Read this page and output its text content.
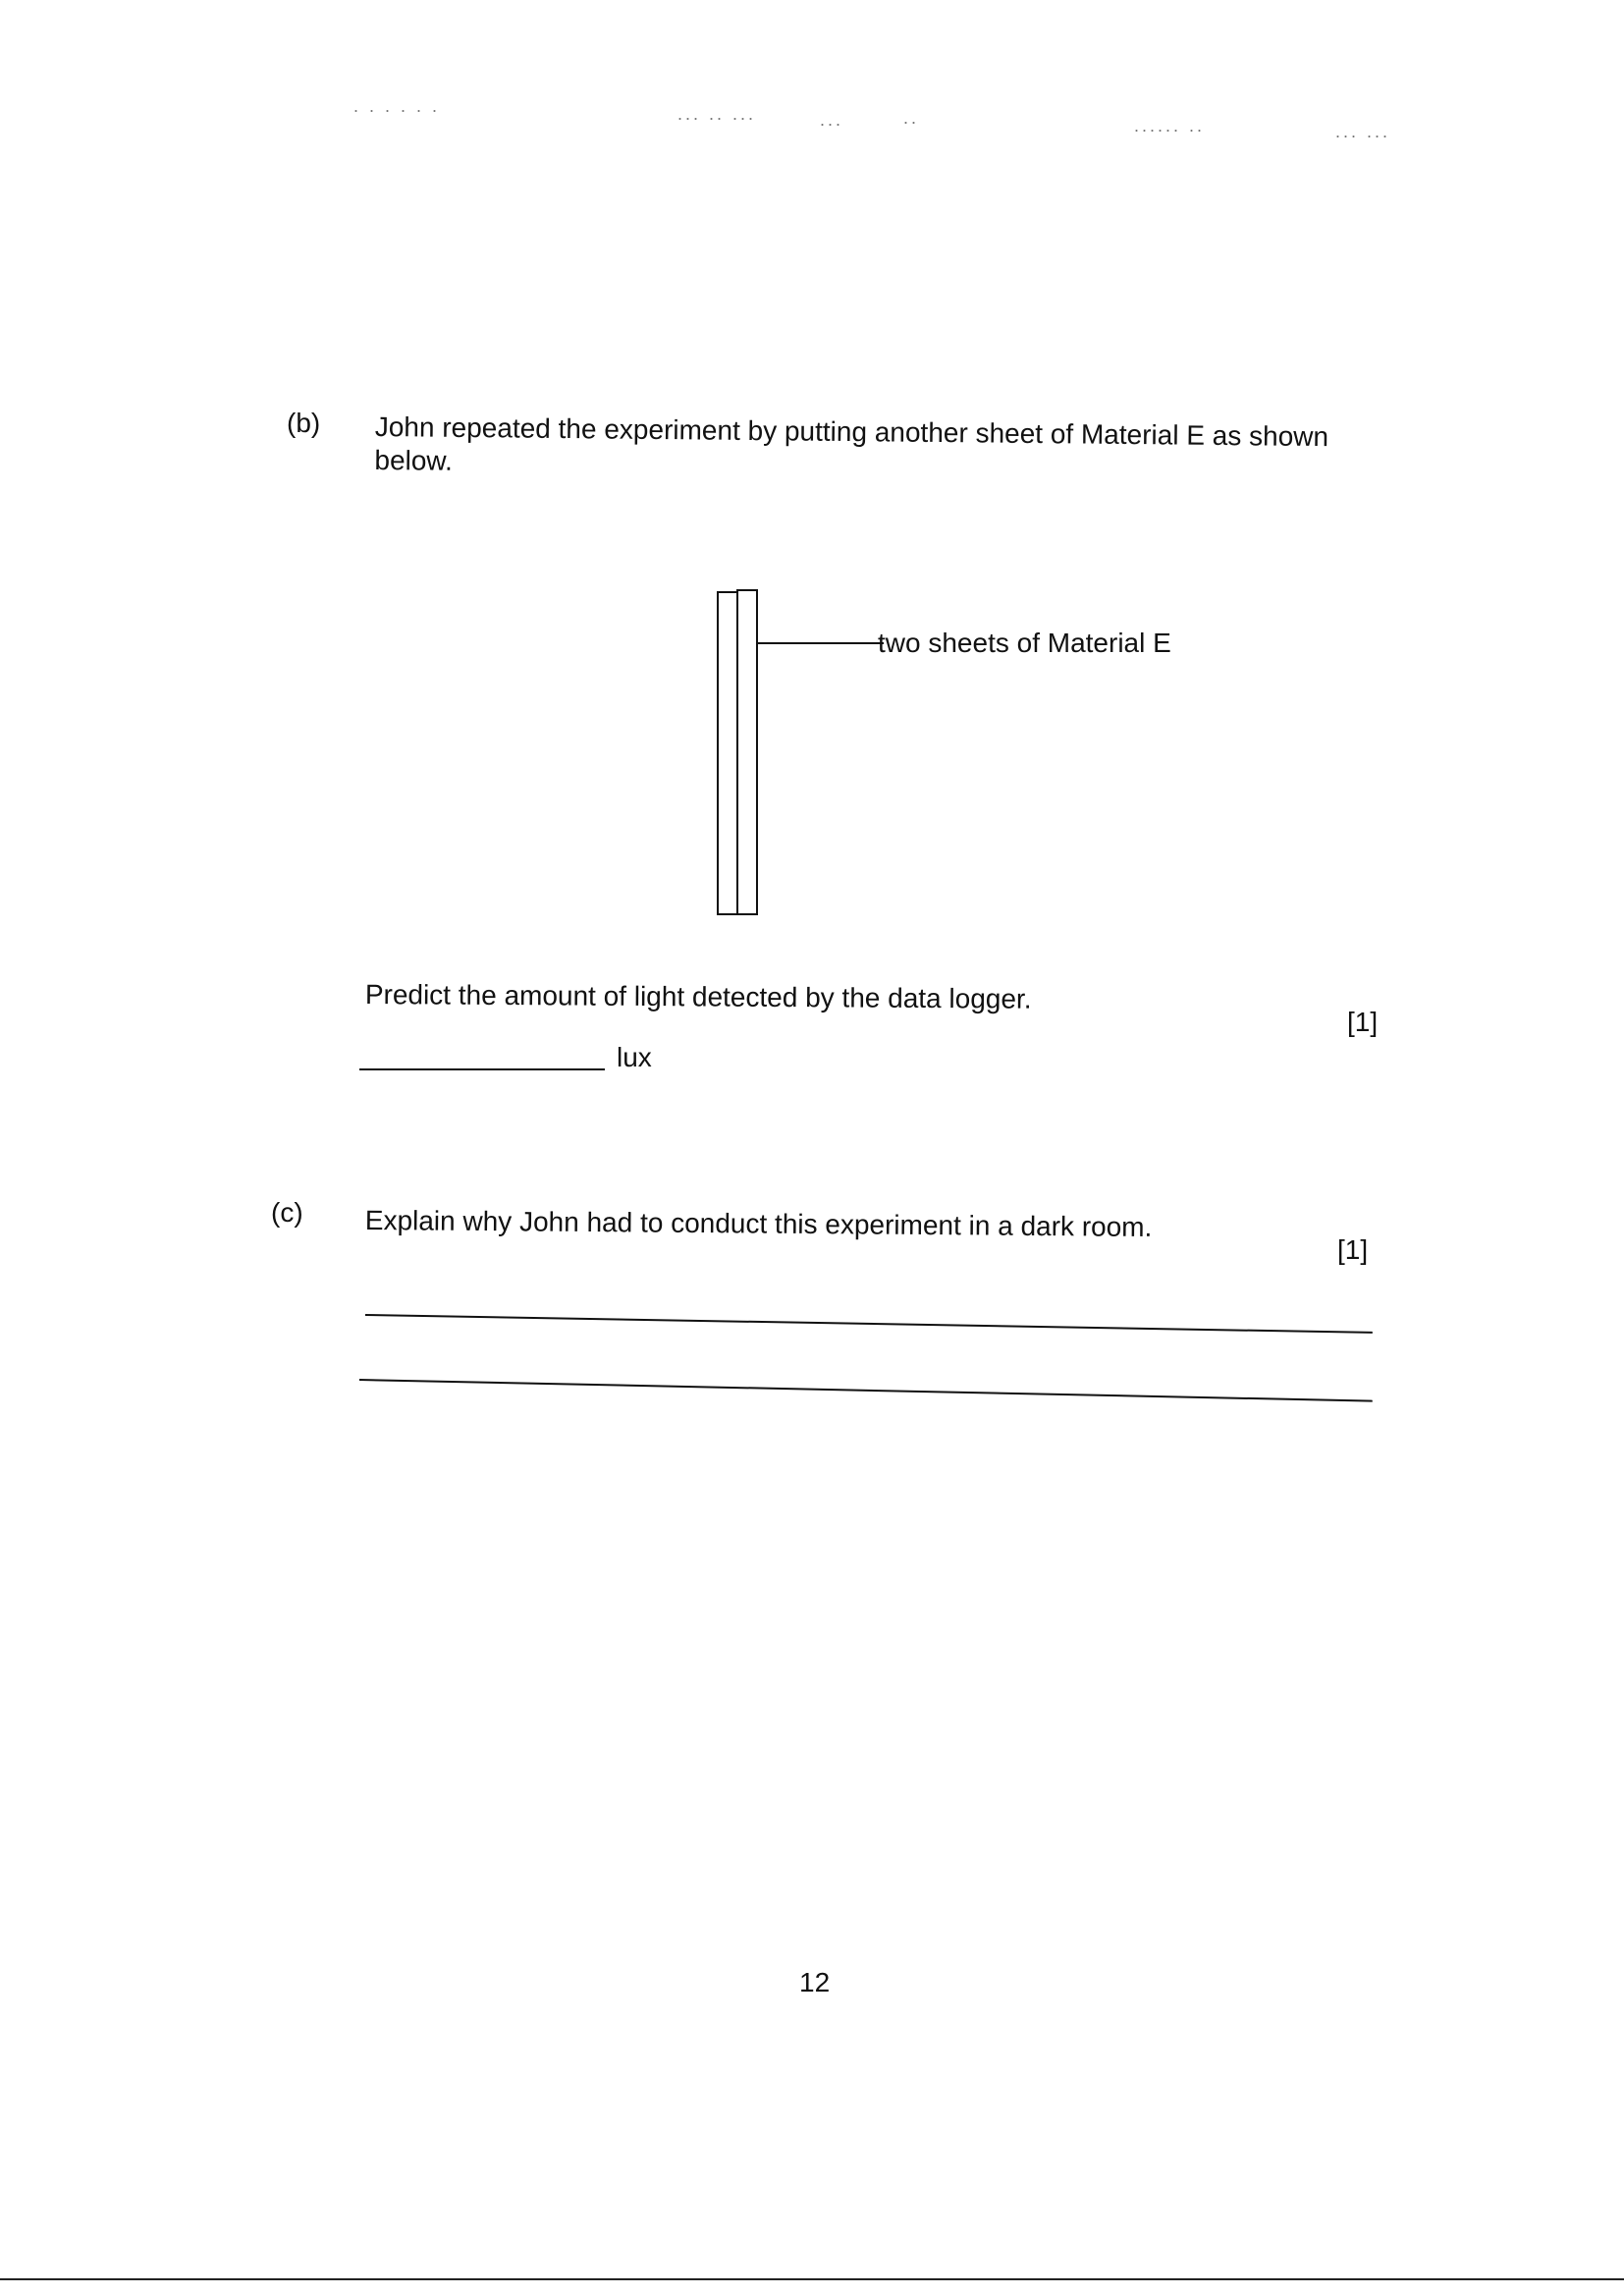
. . . . . .	... .. ...	...	..	...... ..	... ...
(b) John repeated the experiment by putting another sheet of Material E as shown below.
two sheets of Material E
Predict the amount of light detected by the data logger.
[1]
lux
(c) Explain why John had to conduct this experiment in a dark room.
[1]
12
